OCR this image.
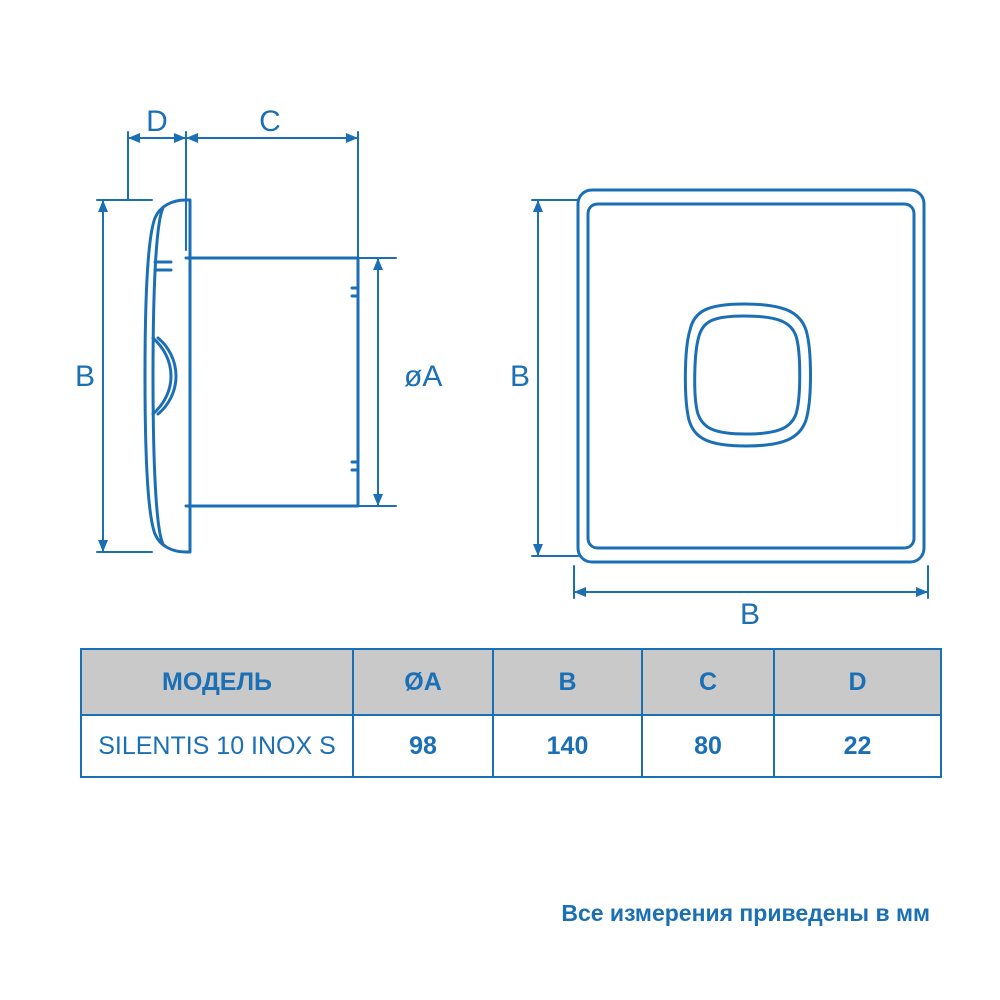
D	C
B	øA B
B
МОДЕЛЬ	ØA	B	C	D
SILENTIS 10 INOX S	98	140	80	22
Все измерения приведены в мм
